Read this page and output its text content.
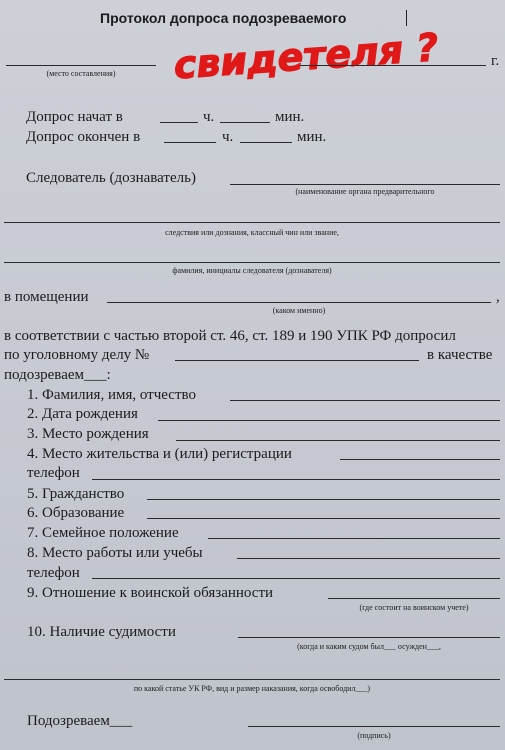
Протокол допроса подозреваемого
свидетеля ?
(место составления)
г.
Допрос начат в	ч.	мин.
Допрос окончен в	ч.	мин.
Следователь (дознаватель)
(наименование органа предварительного
следствия или дознания, классный чин или звание,
фамилия, инициалы следователя (дознавателя)
в помещении	,
(каком именно)
в соответствии с частью второй ст. 46, ст. 189 и 190 УПК РФ допросил
по уголовному делу №	в качестве
подозреваем___:
1. Фамилия, имя, отчество
2. Дата рождения
3. Место рождения
4. Место жительства и (или) регистрации
телефон
5. Гражданство
6. Образование
7. Семейное положение
8. Место работы или учебы
телефон
9. Отношение к воинской обязанности
(где состоит на воинском учете)
10. Наличие судимости
(когда и каким судом был___ осужден___,
по какой статье УК РФ, вид и размер наказания, когда освободил___)
Подозреваем___
(подпись)
